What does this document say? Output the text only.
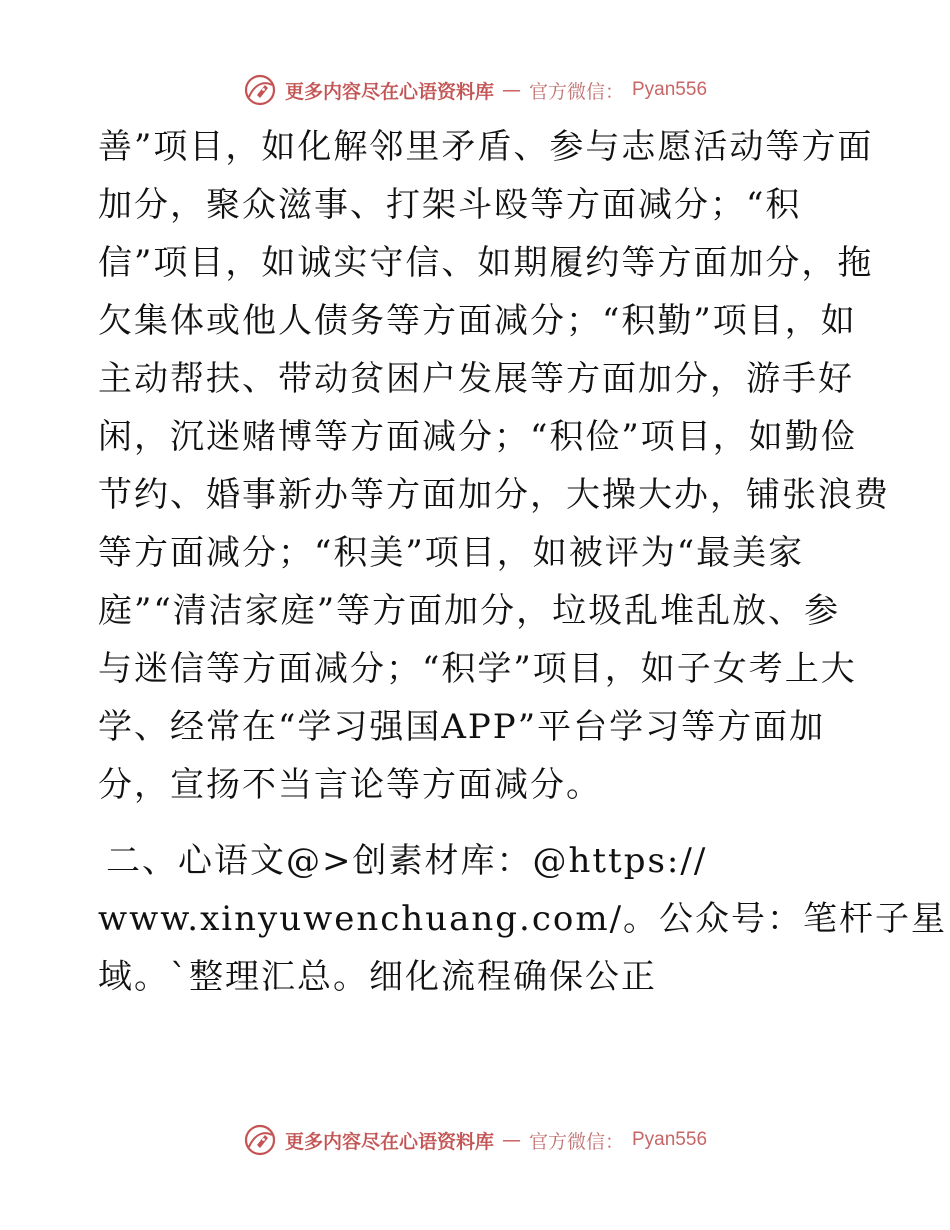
更多内容尽在心语资料库 — 官方微信： Pyan556
善”项目，如化解邻里矛盾、参与志愿活动等方面
加分，聚众滋事、打架斗殴等方面减分；“积
信”项目，如诚实守信、如期履约等方面加分，拖
欠集体或他人债务等方面减分；“积勤”项目，如
主动帮扶、带动贫困户发展等方面加分，游手好
闲，沉迷赌博等方面减分；“积俭”项目，如勤俭
节约、婚事新办等方面加分，大操大办，铺张浪费
等方面减分；“积美”项目，如被评为“最美家
庭”“清洁家庭”等方面加分，垃圾乱堆乱放、参
与迷信等方面减分；“积学”项目，如子女考上大
学、经常在“学习强国APP”平台学习等方面加
分，宣扬不当言论等方面减分。
二、心语文@>创素材库：@https://
www.xinyuwenchuang.com/。公众号：笔杆子星
域。`整理汇总。细化流程确保公正
更多内容尽在心语资料库 — 官方微信： Pyan556
